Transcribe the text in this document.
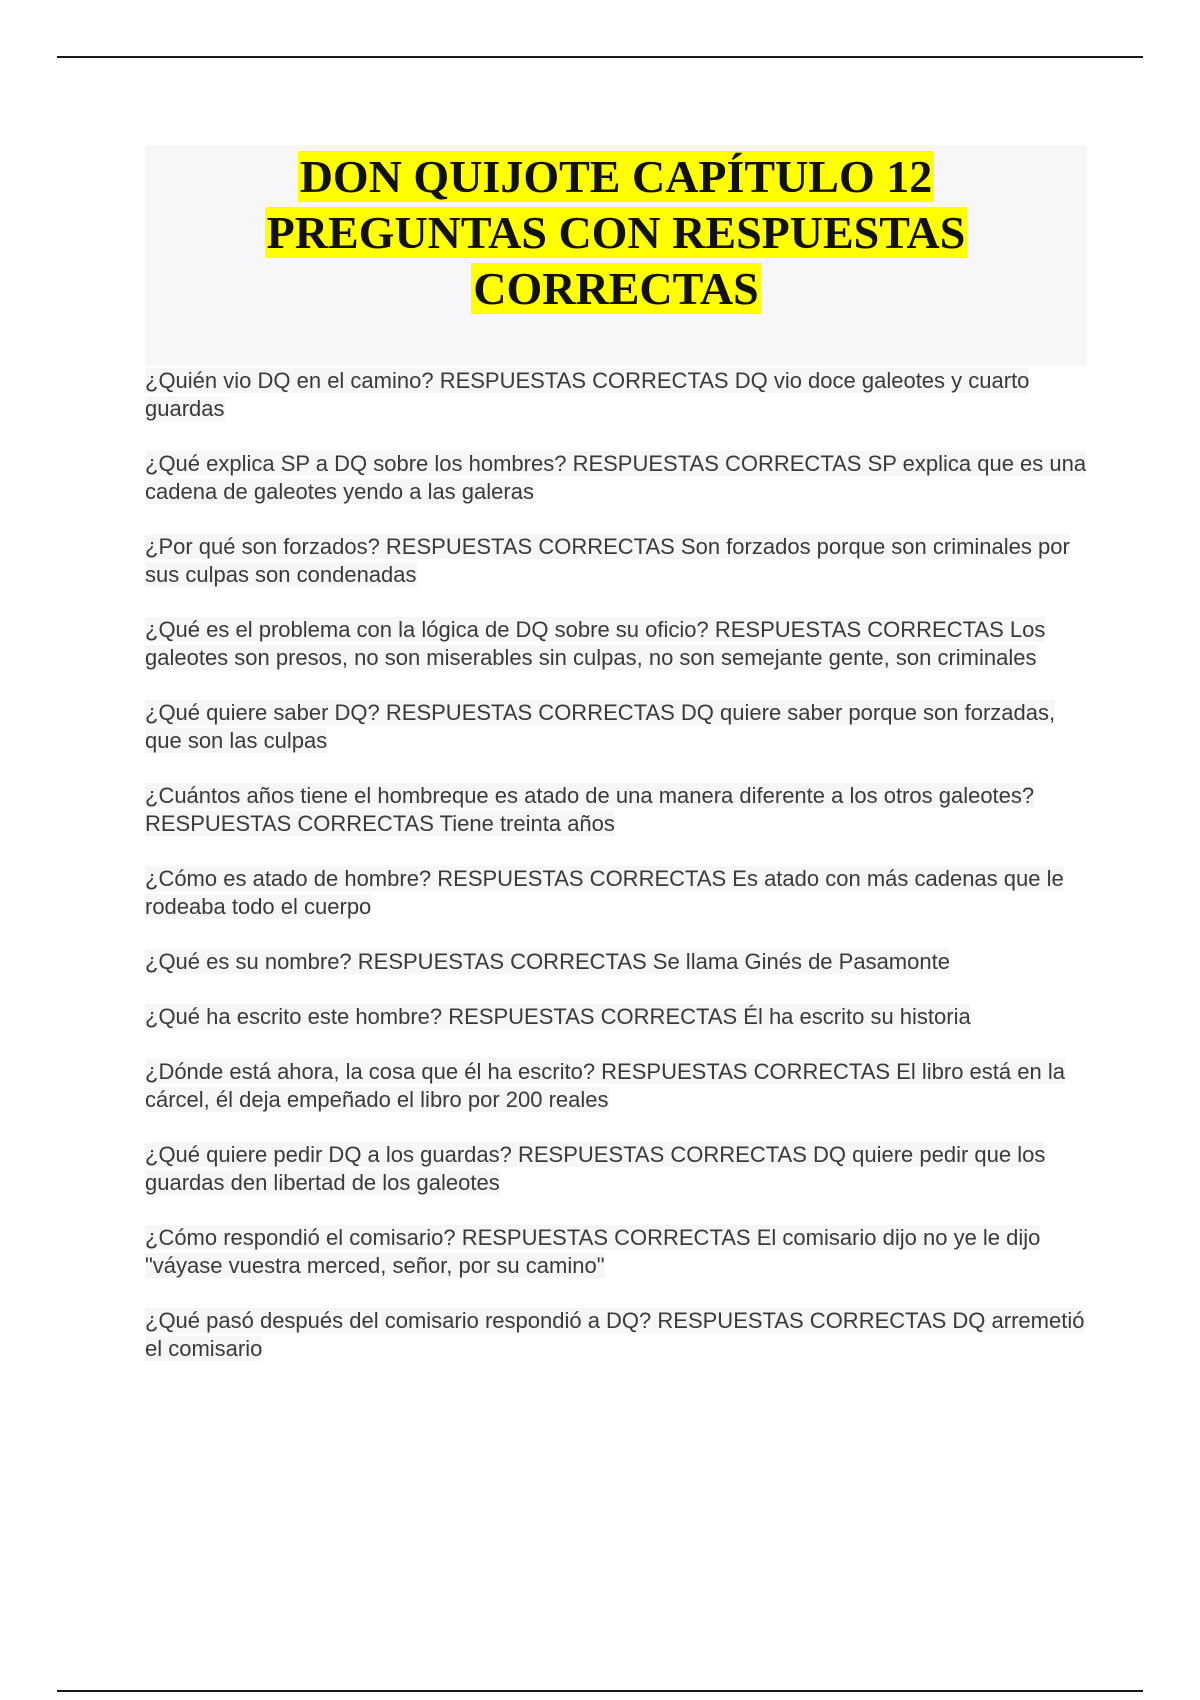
DON QUIJOTE CAPÍTULO 12
PREGUNTAS CON RESPUESTAS
CORRECTAS
¿Quién vio DQ en el camino? RESPUESTAS CORRECTAS DQ vio doce galeotes y cuarto guardas
¿Qué explica SP a DQ sobre los hombres? RESPUESTAS CORRECTAS SP explica que es una cadena de galeotes yendo a las galeras
¿Por qué son forzados? RESPUESTAS CORRECTAS Son forzados porque son criminales por sus culpas son condenadas
¿Qué es el problema con la lógica de DQ sobre su oficio? RESPUESTAS CORRECTAS Los galeotes son presos, no son miserables sin culpas, no son semejante gente, son criminales
¿Qué quiere saber DQ? RESPUESTAS CORRECTAS DQ quiere saber porque son forzadas, que son las culpas
¿Cuántos años tiene el hombreque es atado de una manera diferente a los otros galeotes? RESPUESTAS CORRECTAS Tiene treinta años
¿Cómo es atado de hombre? RESPUESTAS CORRECTAS Es atado con más cadenas que le rodeaba todo el cuerpo
¿Qué es su nombre? RESPUESTAS CORRECTAS Se llama Ginés de Pasamonte
¿Qué ha escrito este hombre? RESPUESTAS CORRECTAS Él ha escrito su historia
¿Dónde está ahora, la cosa que él ha escrito? RESPUESTAS CORRECTAS El libro está en la cárcel, él deja empeñado el libro por 200 reales
¿Qué quiere pedir DQ a los guardas? RESPUESTAS CORRECTAS DQ quiere pedir que los guardas den libertad de los galeotes
¿Cómo respondió el comisario? RESPUESTAS CORRECTAS El comisario dijo no ye le dijo "váyase vuestra merced, señor, por su camino"
¿Qué pasó después del comisario respondió a DQ? RESPUESTAS CORRECTAS DQ arremetió el comisario
